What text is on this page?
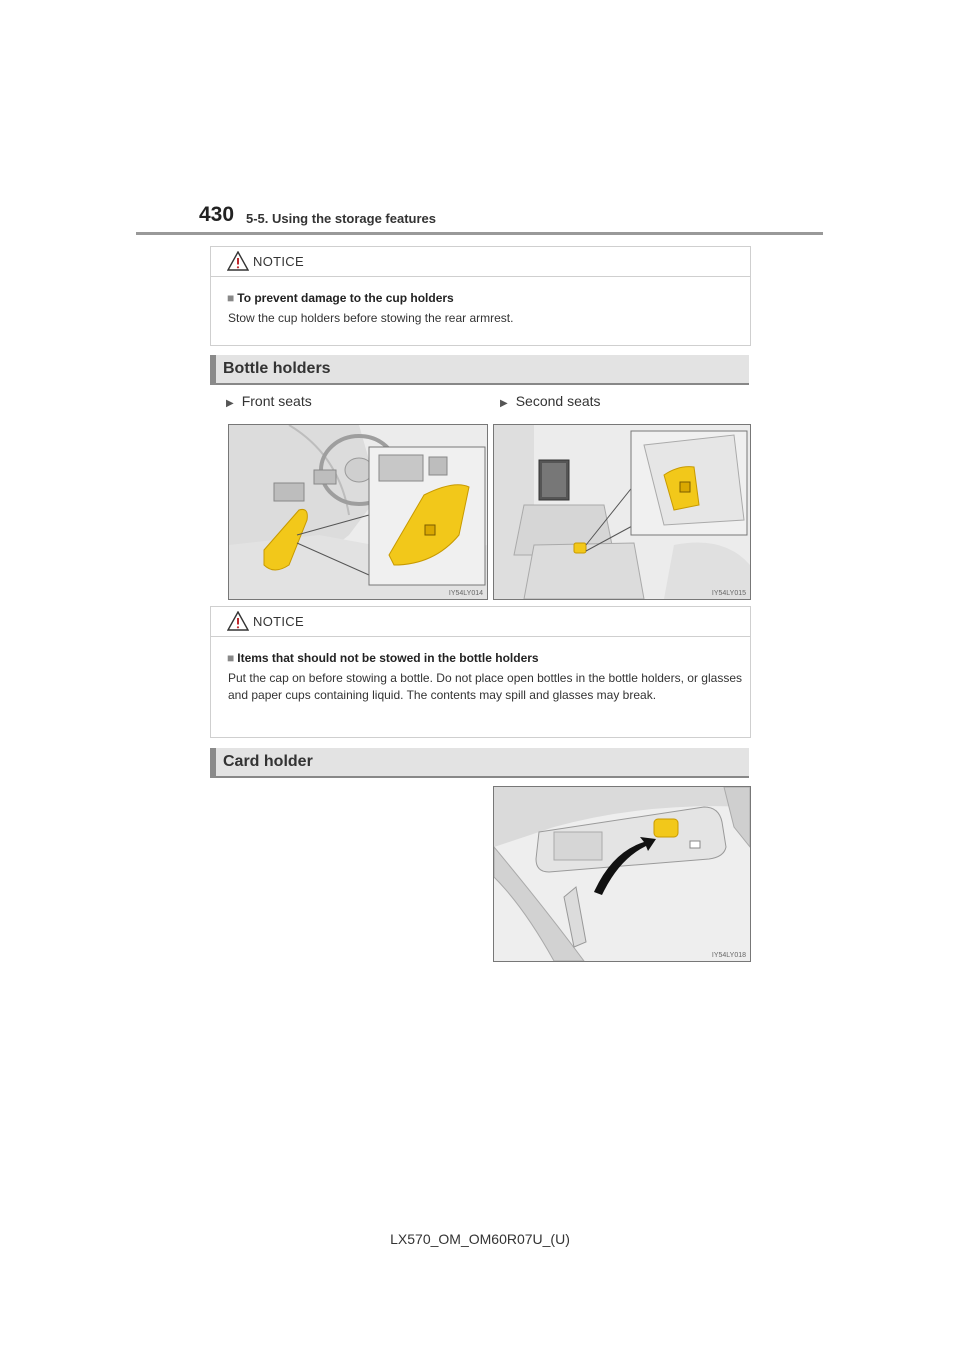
430 5-5. Using the storage features
NOTICE
■ To prevent damage to the cup holders
Stow the cup holders before stowing the rear armrest.
Bottle holders
▶ Front seats	▶ Second seats
IY54LY014	IY54LY015
NOTICE
■ Items that should not be stowed in the bottle holders
Put the cap on before stowing a bottle. Do not place open bottles in the bottle holders, or glasses and paper cups containing liquid. The contents may spill and glasses may break.
Card holder
IY54LY018
LX570_OM_OM60R07U_(U)
